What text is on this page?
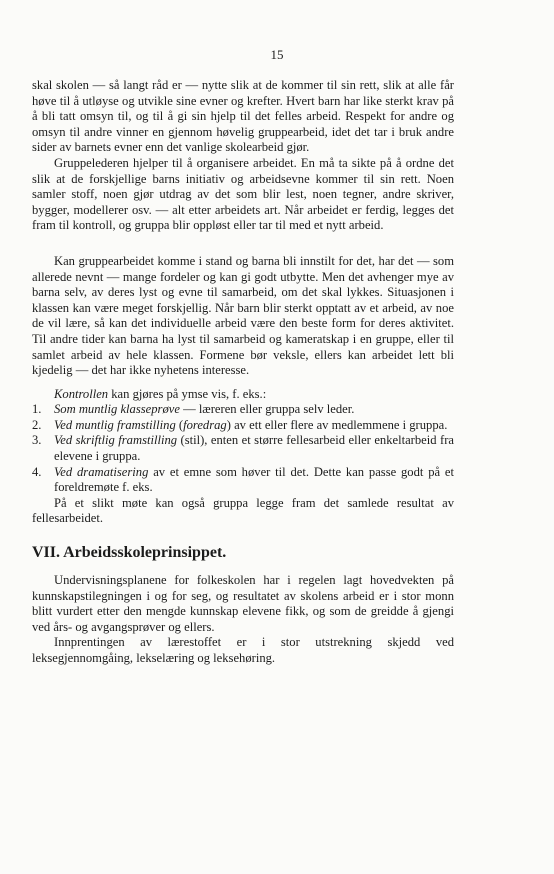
15

skal skolen — så langt råd er — nytte slik at de kommer til sin rett, slik at alle får høve til å utløyse og utvikle sine evner og krefter. Hvert barn har like sterkt krav på å bli tatt omsyn til, og til å gi sin hjelp til det felles arbeid. Respekt for andre og omsyn til andre vinner en gjennom høvelig gruppearbeid, idet det tar i bruk andre sider av barnets evner enn det vanlige skolearbeid gjør.

Gruppelederen hjelper til å organisere arbeidet. En må ta sikte på å ordne det slik at de forskjellige barns initiativ og arbeidsevne kommer til sin rett. Noen samler stoff, noen gjør utdrag av det som blir lest, noen tegner, andre skriver, bygger, modellerer osv. — alt etter arbeidets art. Når arbeidet er ferdig, legges det fram til kontroll, og gruppa blir oppløst eller tar til med et nytt arbeid.

Kan gruppearbeidet komme i stand og barna bli innstilt for det, har det — som allerede nevnt — mange fordeler og kan gi godt utbytte. Men det avhenger mye av barna selv, av deres lyst og evne til samarbeid, om det skal lykkes. Situasjonen i klassen kan være meget forskjellig. Når barn blir sterkt opptatt av et arbeid, av noe de vil lære, så kan det individuelle arbeid være den beste form for deres aktivitet. Til andre tider kan barna ha lyst til samarbeid og kameratskap i en gruppe, eller til samlet arbeid av hele klassen. Formene bør veksle, ellers kan arbeidet lett bli kjedelig — det har ikke nyhetens interesse.

Kontrollen kan gjøres på ymse vis, f. eks.:

1. Som muntlig klasseprøve — læreren eller gruppa selv leder.
2. Ved muntlig framstilling (foredrag) av ett eller flere av medlemmene i gruppa.
3. Ved skriftlig framstilling (stil), enten et større fellesarbeid eller enkeltarbeid fra elevene i gruppa.
4. Ved dramatisering av et emne som høver til det. Dette kan passe godt på et foreldremøte f. eks.

På et slikt møte kan også gruppa legge fram det samlede resultat av fellesarbeidet.

VII. Arbeidsskoleprinsippet.

Undervisningsplanene for folkeskolen har i regelen lagt hovedvekten på kunnskapstilegningen i og for seg, og resultatet av skolens arbeid er i stor monn blitt vurdert etter den mengde kunnskap elevene fikk, og som de greidde å gjengi ved års- og avgangsprøver og ellers.

Innprentingen av lærestoffet er i stor utstrekning skjedd ved leksegjennomgåing, lekselæring og leksehøring.
